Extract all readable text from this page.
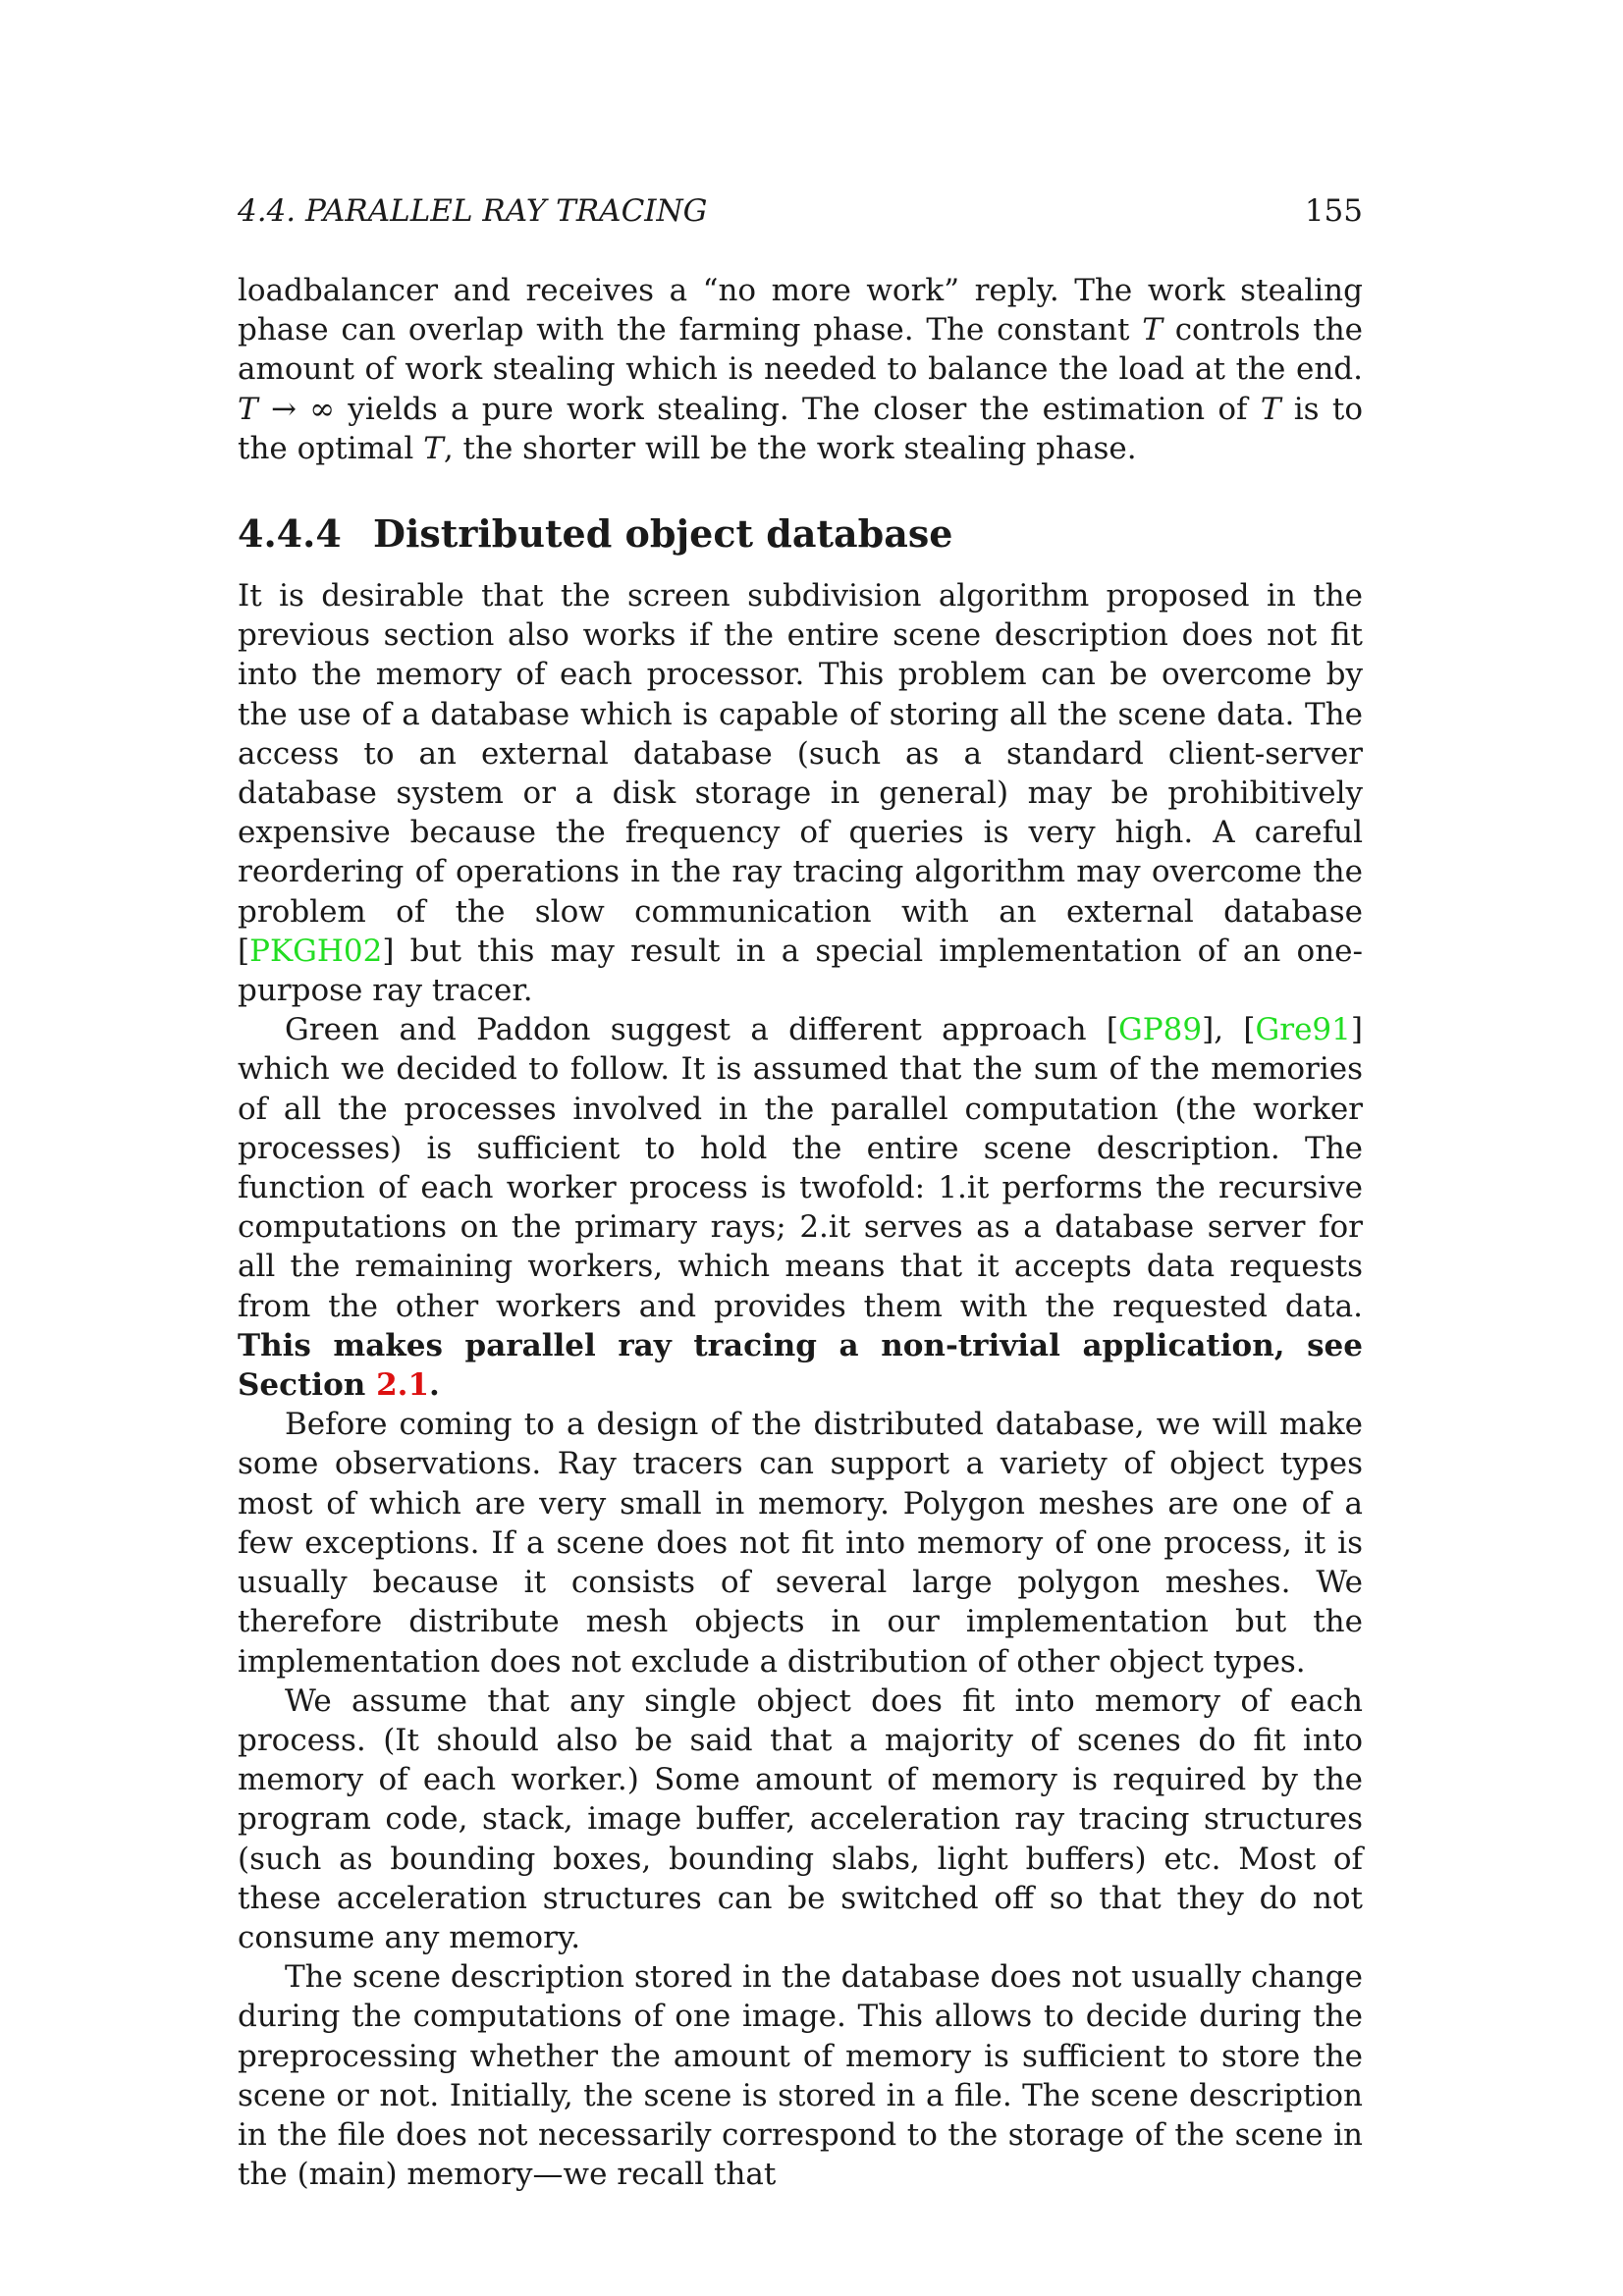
4.4. PARALLEL RAY TRACING	155

loadbalancer and receives a “no more work” reply. The work stealing phase can overlap with the farming phase. The constant T controls the amount of work stealing which is needed to balance the load at the end. T → ∞ yields a pure work stealing. The closer the estimation of T is to the optimal T, the shorter will be the work stealing phase.

4.4.4 Distributed object database

It is desirable that the screen subdivision algorithm proposed in the previous section also works if the entire scene description does not fit into the memory of each processor. This problem can be overcome by the use of a database which is capable of storing all the scene data. The access to an external database (such as a standard client-server database system or a disk storage in general) may be prohibitively expensive because the frequency of queries is very high. A careful reordering of operations in the ray tracing algorithm may overcome the problem of the slow communication with an external database [PKGH02] but this may result in a special implementation of an one-purpose ray tracer.

Green and Paddon suggest a different approach [GP89], [Gre91] which we decided to follow. It is assumed that the sum of the memories of all the processes involved in the parallel computation (the worker processes) is sufficient to hold the entire scene description. The function of each worker process is twofold: 1.it performs the recursive computations on the primary rays; 2.it serves as a database server for all the remaining workers, which means that it accepts data requests from the other workers and provides them with the requested data. This makes parallel ray tracing a non-trivial application, see Section 2.1.

Before coming to a design of the distributed database, we will make some observations. Ray tracers can support a variety of object types most of which are very small in memory. Polygon meshes are one of a few exceptions. If a scene does not fit into memory of one process, it is usually because it consists of several large polygon meshes. We therefore distribute mesh objects in our implementation but the implementation does not exclude a distribution of other object types.

We assume that any single object does fit into memory of each process. (It should also be said that a majority of scenes do fit into memory of each worker.) Some amount of memory is required by the program code, stack, image buffer, acceleration ray tracing structures (such as bounding boxes, bounding slabs, light buffers) etc. Most of these acceleration structures can be switched off so that they do not consume any memory.

The scene description stored in the database does not usually change during the computations of one image. This allows to decide during the preprocessing whether the amount of memory is sufficient to store the scene or not. Initially, the scene is stored in a file. The scene description in the file does not necessarily correspond to the storage of the scene in the (main) memory—we recall that
